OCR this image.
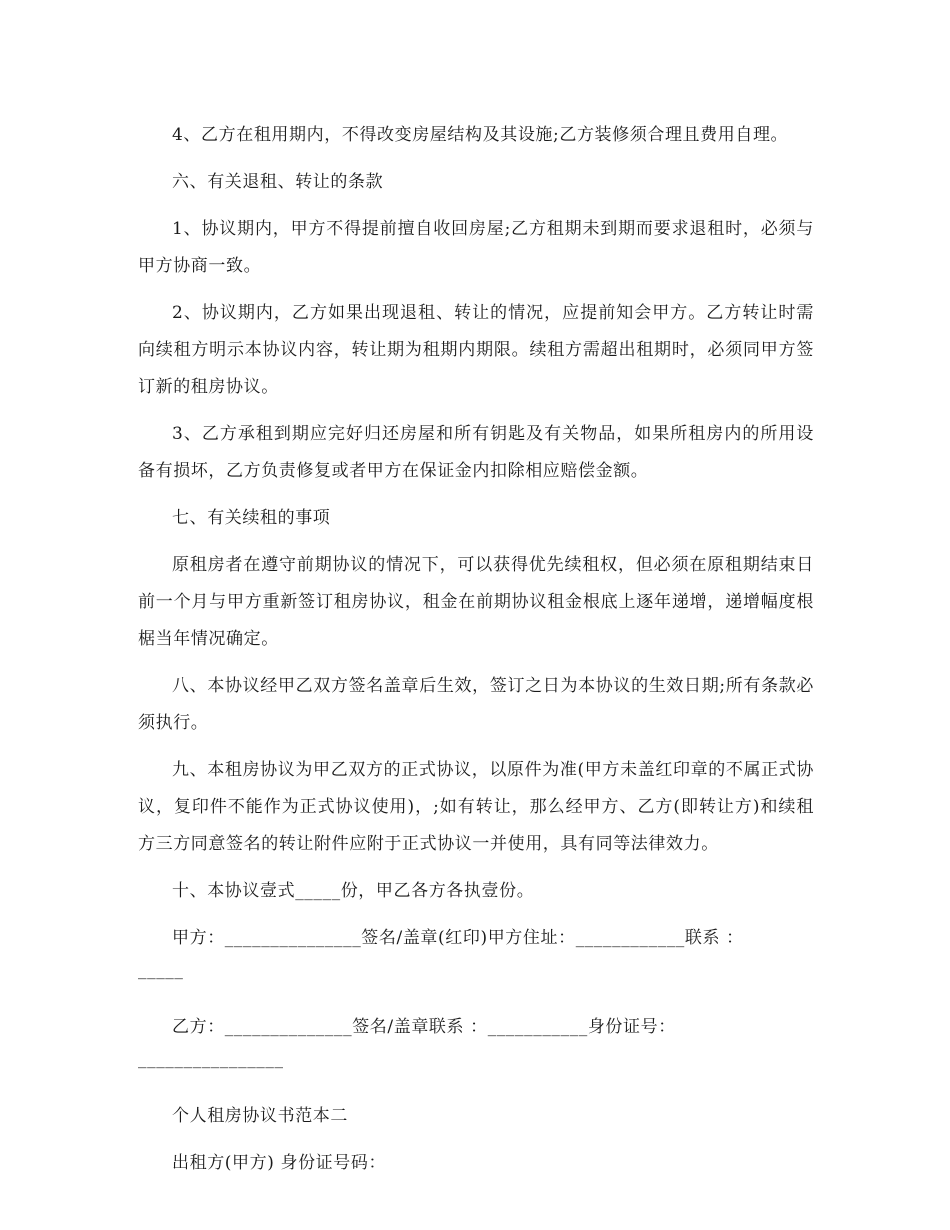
4、乙方在租用期内，不得改变房屋结构及其设施;乙方装修须合理且费用自理。

六、有关退租、转让的条款

1、协议期内，甲方不得提前擅自收回房屋;乙方租期未到期而要求退租时，必须与甲方协商一致。

2、协议期内，乙方如果出现退租、转让的情况，应提前知会甲方。乙方转让时需向续租方明示本协议内容，转让期为租期内期限。续租方需超出租期时，必须同甲方签订新的租房协议。

3、乙方承租到期应完好归还房屋和所有钥匙及有关物品，如果所租房内的所用设备有损坏，乙方负责修复或者甲方在保证金内扣除相应赔偿金额。

七、有关续租的事项

原租房者在遵守前期协议的情况下，可以获得优先续租权，但必须在原租期结束日前一个月与甲方重新签订租房协议，租金在前期协议租金根底上逐年递增，递增幅度根椐当年情况确定。

八、本协议经甲乙双方签名盖章后生效，签订之日为本协议的生效日期;所有条款必须执行。

九、本租房协议为甲乙双方的正式协议，以原件为准(甲方未盖红印章的不属正式协议，复印件不能作为正式协议使用)，;如有转让，那么经甲方、乙方(即转让方)和续租方三方同意签名的转让附件应附于正式协议一并使用，具有同等法律效力。

十、本协议壹式_____份，甲乙各方各执壹份。

甲方：_______________签名/盖章(红印)甲方住址：____________联系 ：

_____

乙方：______________签名/盖章联系 ：___________身份证号：

________________

个人租房协议书范本二

出租方(甲方) 身份证号码：
